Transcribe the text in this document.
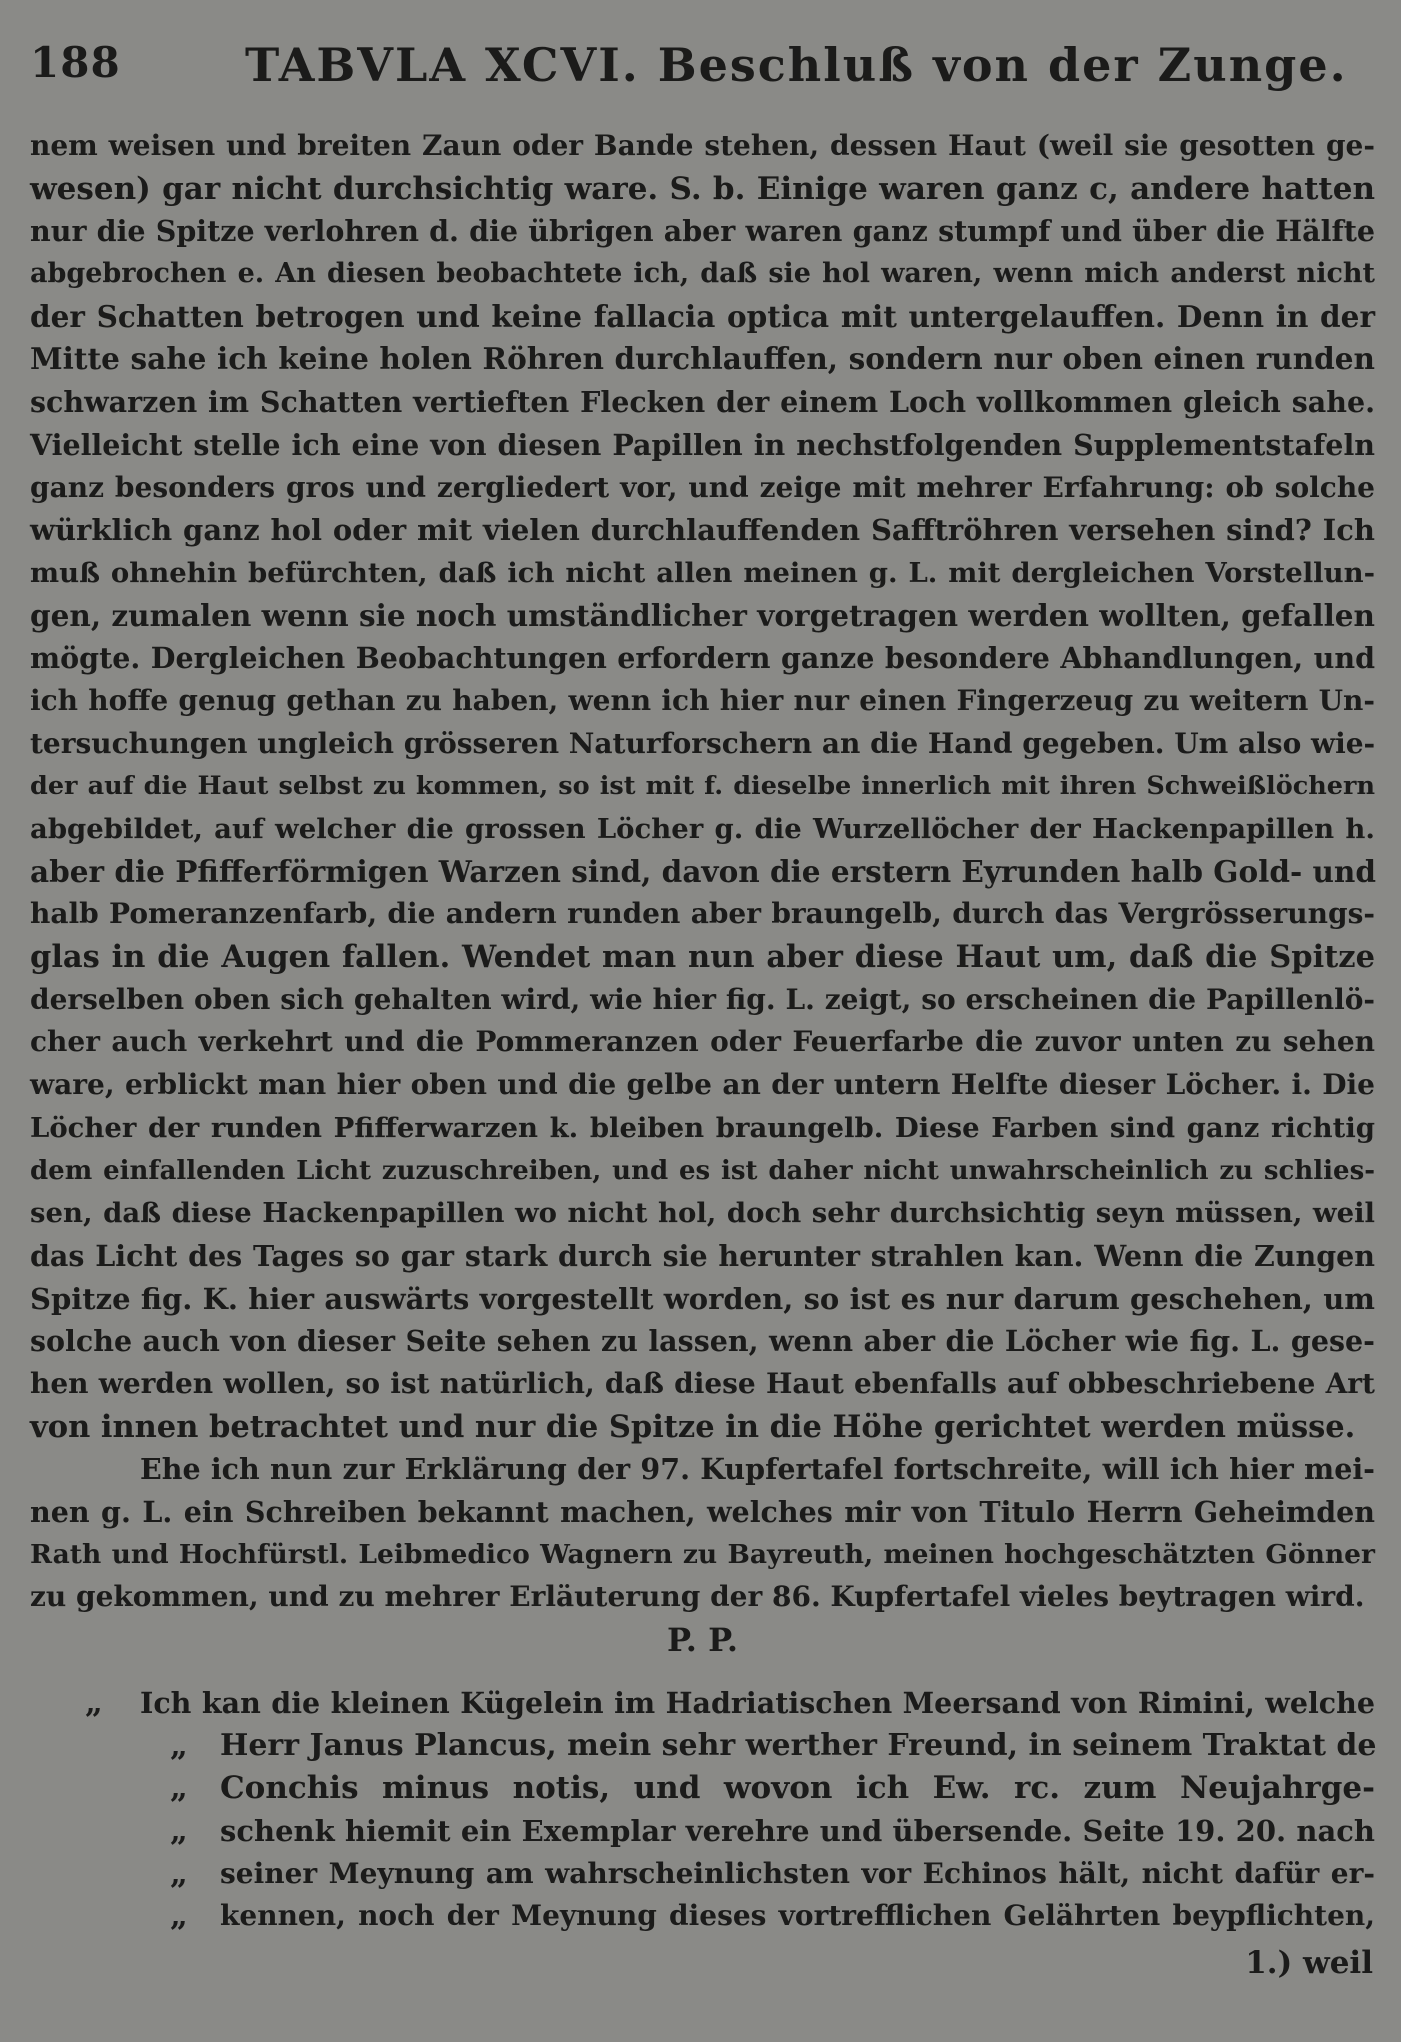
188	TABVLA XCVI. Beschluß von der Zunge.
nem weisen und breiten Zaun oder Bande stehen, dessen Haut (weil sie gesotten ge-
wesen) gar nicht durchsichtig ware. S. b. Einige waren ganz c, andere hatten
nur die Spitze verlohren d. die übrigen aber waren ganz stumpf und über die Hälfte
abgebrochen e. An diesen beobachtete ich, daß sie hol waren, wenn mich anderst nicht
der Schatten betrogen und keine fallacia optica mit untergelauffen. Denn in der
Mitte sahe ich keine holen Röhren durchlauffen, sondern nur oben einen runden
schwarzen im Schatten vertieften Flecken der einem Loch vollkommen gleich sahe.
Vielleicht stelle ich eine von diesen Papillen in nechstfolgenden Supplementstafeln
ganz besonders gros und zergliedert vor, und zeige mit mehrer Erfahrung: ob solche
würklich ganz hol oder mit vielen durchlauffenden Safftröhren versehen sind? Ich
muß ohnehin befürchten, daß ich nicht allen meinen g. L. mit dergleichen Vorstellun-
gen, zumalen wenn sie noch umständlicher vorgetragen werden wollten, gefallen
mögte. Dergleichen Beobachtungen erfordern ganze besondere Abhandlungen, und
ich hoffe genug gethan zu haben, wenn ich hier nur einen Fingerzeug zu weitern Un-
tersuchungen ungleich grösseren Naturforschern an die Hand gegeben. Um also wie-
der auf die Haut selbst zu kommen, so ist mit f. dieselbe innerlich mit ihren Schweißlöchern
abgebildet, auf welcher die grossen Löcher g. die Wurzellöcher der Hackenpapillen h.
aber die Pfifferförmigen Warzen sind, davon die erstern Eyrunden halb Gold- und
halb Pomeranzenfarb, die andern runden aber braungelb, durch das Vergrösserungs-
glas in die Augen fallen. Wendet man nun aber diese Haut um, daß die Spitze
derselben oben sich gehalten wird, wie hier fig. L. zeigt, so erscheinen die Papillenlö-
cher auch verkehrt und die Pommeranzen oder Feuerfarbe die zuvor unten zu sehen
ware, erblickt man hier oben und die gelbe an der untern Helfte dieser Löcher. i. Die
Löcher der runden Pfifferwarzen k. bleiben braungelb. Diese Farben sind ganz richtig
dem einfallenden Licht zuzuschreiben, und es ist daher nicht unwahrscheinlich zu schlies-
sen, daß diese Hackenpapillen wo nicht hol, doch sehr durchsichtig seyn müssen, weil
das Licht des Tages so gar stark durch sie herunter strahlen kan. Wenn die Zungen
Spitze fig. K. hier auswärts vorgestellt worden, so ist es nur darum geschehen, um
solche auch von dieser Seite sehen zu lassen, wenn aber die Löcher wie fig. L. gese-
hen werden wollen, so ist natürlich, daß diese Haut ebenfalls auf obbeschriebene Art
von innen betrachtet und nur die Spitze in die Höhe gerichtet werden müsse.
Ehe ich nun zur Erklärung der 97. Kupfertafel fortschreite, will ich hier mei-
nen g. L. ein Schreiben bekannt machen, welches mir von Titulo Herrn Geheimden
Rath und Hochfürstl. Leibmedico Wagnern zu Bayreuth, meinen hochgeschätzten Gönner
zu gekommen, und zu mehrer Erläuterung der 86. Kupfertafel vieles beytragen wird.
P. P.
„ Ich kan die kleinen Kügelein im Hadriatischen Meersand von Rimini, welche
„ Herr Janus Plancus, mein sehr werther Freund, in seinem Traktat de
„ Conchis minus notis, und wovon ich Ew. rc. zum Neujahrge-
„ schenk hiemit ein Exemplar verehre und übersende. Seite 19. 20. nach
„ seiner Meynung am wahrscheinlichsten vor Echinos hält, nicht dafür er-
„ kennen, noch der Meynung dieses vortrefflichen Gelährten beypflichten,
1.) weil
